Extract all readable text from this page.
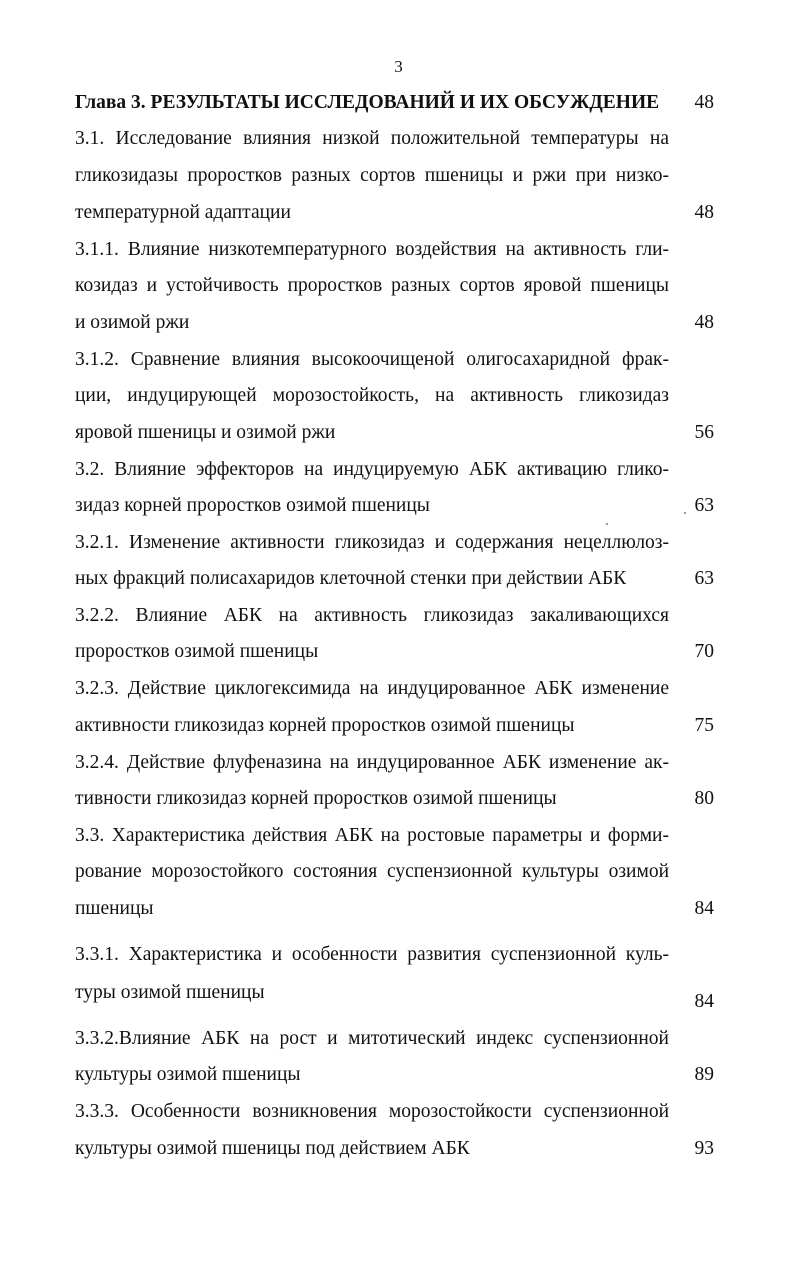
3
Глава 3. РЕЗУЛЬТАТЫ ИССЛЕДОВАНИЙ И ИХ ОБСУЖДЕНИЕ	48
3.1. Исследование влияния низкой положительной температуры на
гликозидазы проростков разных сортов пшеницы и ржи при низко-
температурной адаптации	48
3.1.1. Влияние низкотемпературного воздействия на активность гли-
козидаз и устойчивость проростков разных сортов яровой пшеницы
и озимой ржи	48
3.1.2. Сравнение влияния высокоочищеной олигосахаридной фрак-
ции, индуцирующей морозостойкость, на активность гликозидаз
яровой пшеницы и озимой ржи	56
3.2. Влияние эффекторов на индуцируемую АБК активацию глико-
зидаз корней проростков озимой пшеницы	63
3.2.1. Изменение активности гликозидаз и содержания нецеллюлоз-
ных фракций полисахаридов клеточной стенки при действии АБК	63
3.2.2. Влияние АБК на активность гликозидаз закаливающихся
проростков озимой пшеницы	70
3.2.3. Действие циклогексимида на индуцированное АБК изменение
активности гликозидаз корней проростков озимой пшеницы	75
3.2.4. Действие флуфеназина на индуцированное АБК изменение ак-
тивности гликозидаз корней проростков озимой пшеницы	80
3.3. Характеристика действия АБК на ростовые параметры и форми-
рование морозостойкого состояния суспензионной культуры озимой
пшеницы	84
3.3.1. Характеристика и особенности развития суспензионной куль-
туры озимой пшеницы	84
3.3.2.Влияние АБК на рост и митотический индекс суспензионной
культуры озимой пшеницы	89
3.3.3. Особенности возникновения морозостойкости суспензионной
культуры озимой пшеницы под действием АБК	93
